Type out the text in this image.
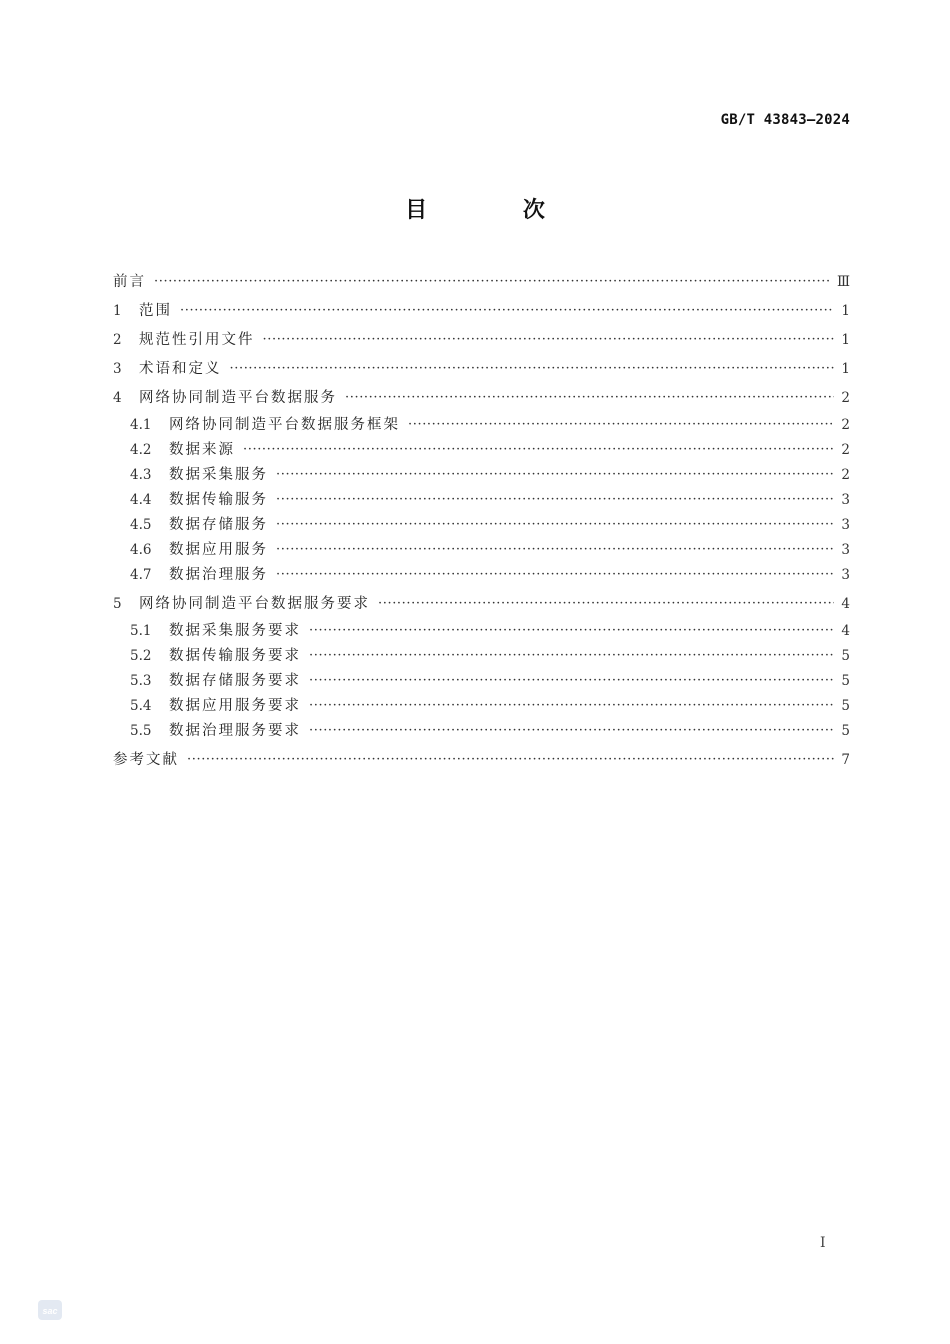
GB/T 43843—2024
目 次
前言 ·····	Ⅲ
1	范围 ·····	1
2	规范性引用文件 ·····	1
3	术语和定义 ·····	1
4	网络协同制造平台数据服务 ·····	2
4.1	网络协同制造平台数据服务框架 ·····	2
4.2	数据来源 ·····	2
4.3	数据采集服务 ·····	2
4.4	数据传输服务 ·····	3
4.5	数据存储服务 ·····	3
4.6	数据应用服务 ·····	3
4.7	数据治理服务 ·····	3
5	网络协同制造平台数据服务要求 ·····	4
5.1	数据采集服务要求 ·····	4
5.2	数据传输服务要求 ·····	5
5.3	数据存储服务要求 ·····	5
5.4	数据应用服务要求 ·····	5
5.5	数据治理服务要求 ·····	5
参考文献 ·····	7
Ⅰ
sac
